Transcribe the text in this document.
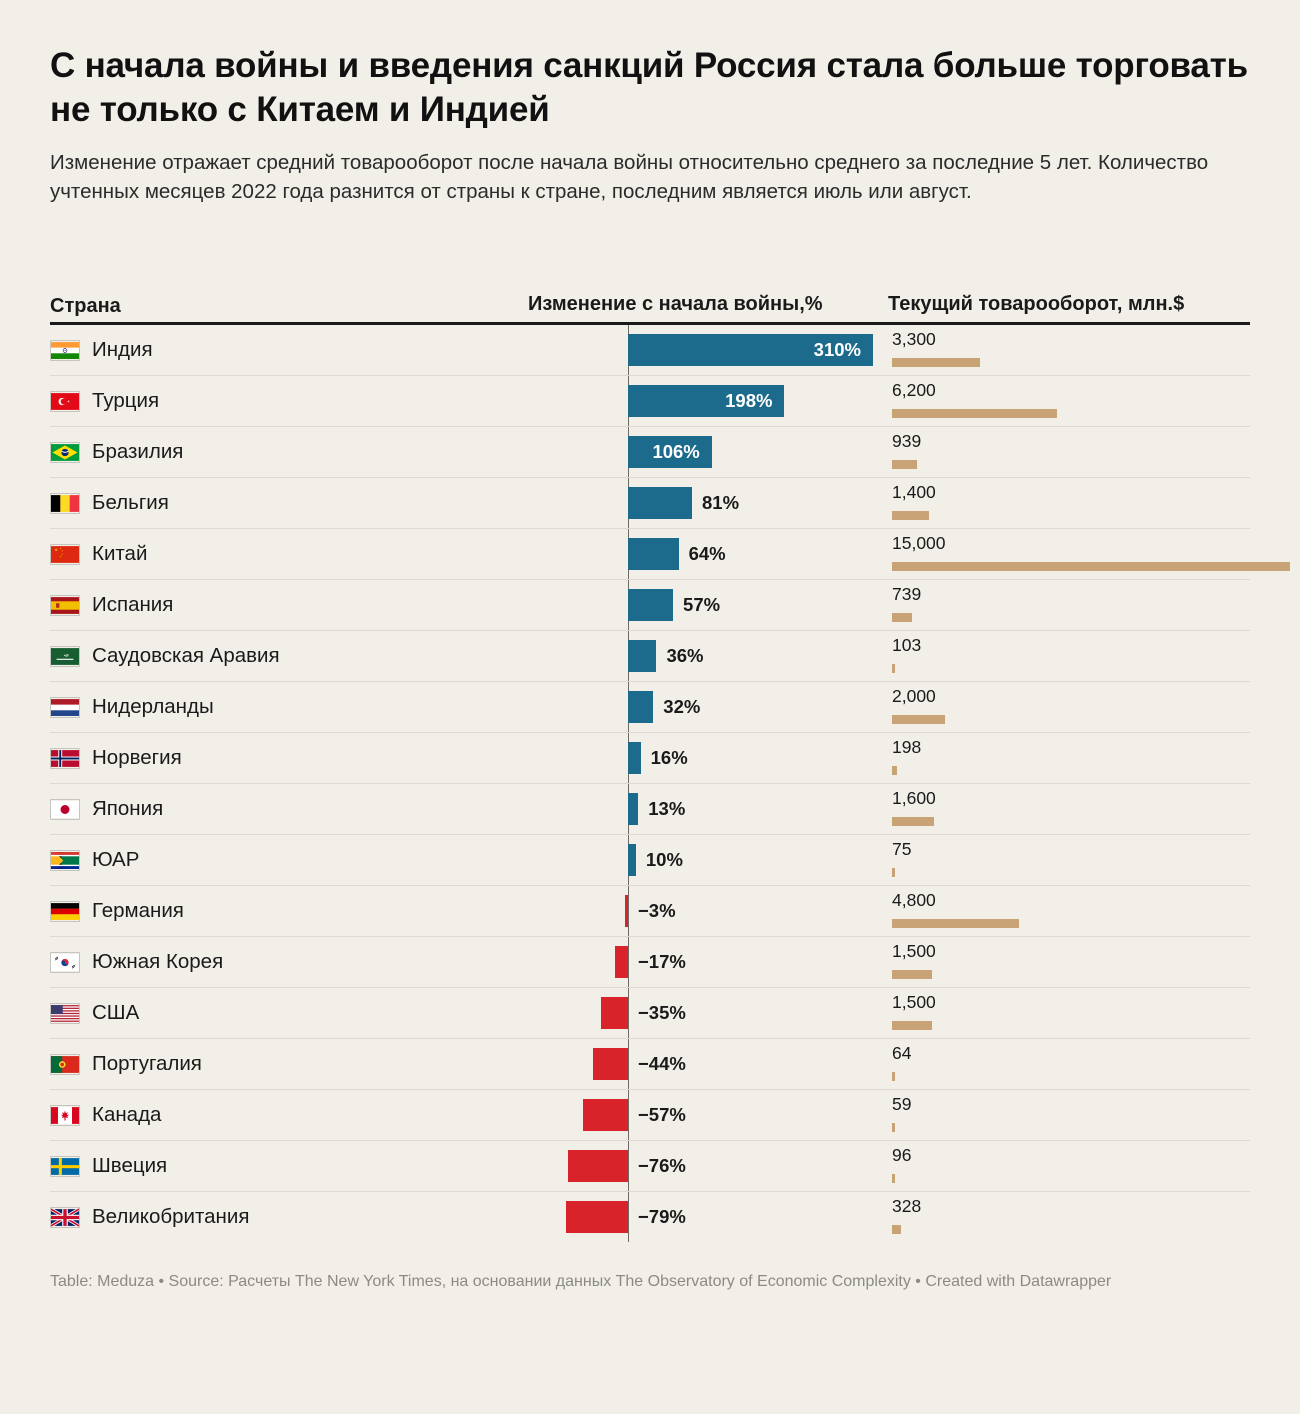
С начала войны и введения санкций Россия стала больше торговать не только с Китаем и Индией

Изменение отражает средний товарооборот после начала войны относительно среднего за последние 5 лет. Количество учтенных месяцев 2022 года разнится от страны к стране, последним является июль или август.

Страна	Изменение с начала войны,%	Текущий товарооборот, млн.$
Индия	310% 3,300
Турция	198%	6,200
Бразилия	106%	939
Бельгия	81%	1,400
Китай	64%	15,000
Испания	57%	739
ﷲ Саудовская Аравия	36%	103
Нидерланды	32%	2,000
Норвегия	16%	198
Япония	13%	1,600
ЮАР	10%	75
Германия	−3%	4,800
Южная Корея	−17%	1,500
США	−35%	1,500
Португалия	−44%	64
Канада	−57%	59
Швеция	−76%	96
Великобритания	−79%	328
Table: Meduza • Source: Расчеты The New York Times, на основании данных The Observatory of Economic Complexity • Created with Datawrapper
